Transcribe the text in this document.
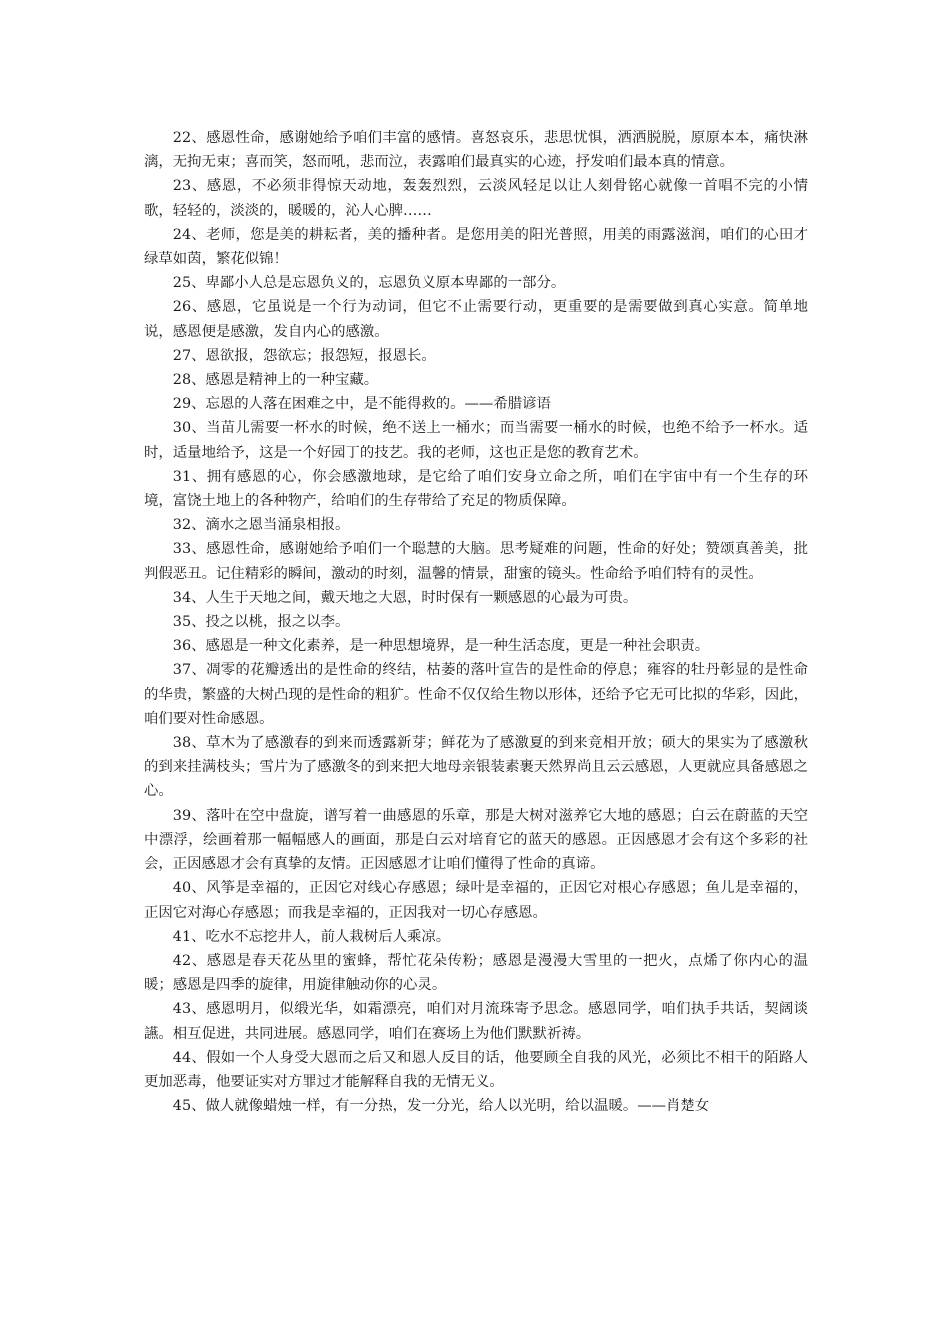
22、感恩性命，感谢她给予咱们丰富的感情。喜怒哀乐，悲思忧惧，洒洒脱脱，原原本本，痛快淋漓，无拘无束；喜而笑，怒而吼，悲而泣，表露咱们最真实的心迹，抒发咱们最本真的情意。

23、感恩，不必须非得惊天动地，轰轰烈烈，云淡风轻足以让人刻骨铭心就像一首唱不完的小情歌，轻轻的，淡淡的，暖暖的，沁人心脾……

24、老师，您是美的耕耘者，美的播种者。是您用美的阳光普照，用美的雨露滋润，咱们的心田才绿草如茵，繁花似锦！

25、卑鄙小人总是忘恩负义的，忘恩负义原本卑鄙的一部分。

26、感恩，它虽说是一个行为动词，但它不止需要行动，更重要的是需要做到真心实意。简单地说，感恩便是感激，发自内心的感激。

27、恩欲报，怨欲忘；报怨短，报恩长。

28、感恩是精神上的一种宝藏。

29、忘恩的人落在困难之中，是不能得救的。——希腊谚语

30、当苗儿需要一杯水的时候，绝不送上一桶水；而当需要一桶水的时候，也绝不给予一杯水。适时，适量地给予，这是一个好园丁的技艺。我的老师，这也正是您的教育艺术。

31、拥有感恩的心，你会感激地球，是它给了咱们安身立命之所，咱们在宇宙中有一个生存的环境，富饶土地上的各种物产，给咱们的生存带给了充足的物质保障。

32、滴水之恩当涌泉相报。

33、感恩性命，感谢她给予咱们一个聪慧的大脑。思考疑难的问题，性命的好处；赞颂真善美，批判假恶丑。记住精彩的瞬间，激动的时刻，温馨的情景，甜蜜的镜头。性命给予咱们特有的灵性。

34、人生于天地之间，戴天地之大恩，时时保有一颗感恩的心最为可贵。

35、投之以桃，报之以李。

36、感恩是一种文化素养，是一种思想境界，是一种生活态度，更是一种社会职责。

37、凋零的花瓣透出的是性命的终结，枯萎的落叶宣告的是性命的停息；雍容的牡丹彰显的是性命的华贵，繁盛的大树凸现的是性命的粗犷。性命不仅仅给生物以形体，还给予它无可比拟的华彩，因此，咱们要对性命感恩。

38、草木为了感激春的到来而透露新芽；鲜花为了感激夏的到来竞相开放；硕大的果实为了感激秋的到来挂满枝头；雪片为了感激冬的到来把大地母亲银装素裹天然界尚且云云感恩，人更就应具备感恩之心。

39、落叶在空中盘旋，谱写着一曲感恩的乐章，那是大树对滋养它大地的感恩；白云在蔚蓝的天空中漂浮，绘画着那一幅幅感人的画面，那是白云对培育它的蓝天的感恩。正因感恩才会有这个多彩的社会，正因感恩才会有真挚的友情。正因感恩才让咱们懂得了性命的真谛。

40、风筝是幸福的，正因它对线心存感恩；绿叶是幸福的，正因它对根心存感恩；鱼儿是幸福的，正因它对海心存感恩；而我是幸福的，正因我对一切心存感恩。

41、吃水不忘挖井人，前人栽树后人乘凉。

42、感恩是春天花丛里的蜜蜂，帮忙花朵传粉；感恩是漫漫大雪里的一把火，点烯了你内心的温暖；感恩是四季的旋律，用旋律触动你的心灵。

43、感恩明月，似缎光华，如霜漂亮，咱们对月流珠寄予思念。感恩同学，咱们执手共话，契阔谈讌。相互促进，共同进展。感恩同学，咱们在赛场上为他们默默祈祷。

44、假如一个人身受大恩而之后又和恩人反目的话，他要顾全自我的风光，必须比不相干的陌路人更加恶毒，他要证实对方罪过才能解释自我的无情无义。

45、做人就像蜡烛一样，有一分热，发一分光，给人以光明，给以温暖。——肖楚女
